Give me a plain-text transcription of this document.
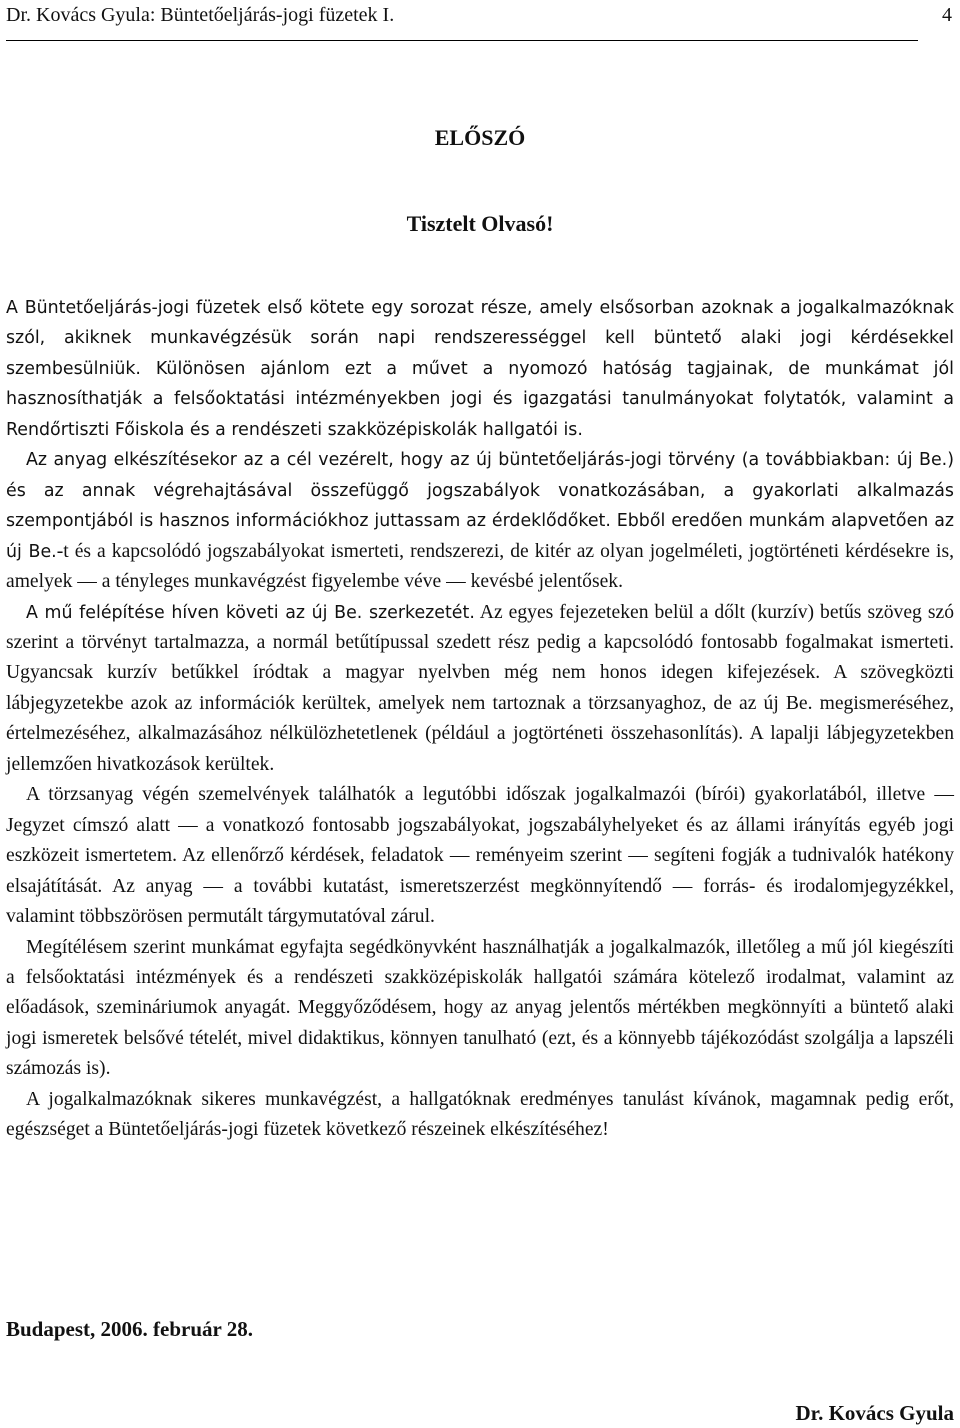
Dr. Kovács Gyula: Büntetőeljárás-jogi füzetek I.	4
ELŐSZÓ
Tisztelt Olvasó!

A Büntetőeljárás-jogi füzetek első kötete egy sorozat része, amely elsősorban azoknak a jogalkalmazóknak szól, akiknek munkavégzésük során napi rendszerességgel kell büntető alaki jogi kérdésekkel szembesülniük. Különösen ajánlom ezt a művet a nyomozó hatóság tagjainak, de munkámat jól hasznosíthatják a felsőoktatási intézményekben jogi és igazgatási tanulmányokat folytatók, valamint a Rendőrtiszti Főiskola és a rendészeti szakközépiskolák hallgatói is.

Az anyag elkészítésekor az a cél vezérelt, hogy az új büntetőeljárás-jogi törvény (a továbbiakban: új Be.) és az annak végrehajtásával összefüggő jogszabályok vonatkozásában, a gyakorlati alkalmazás szempontjából is hasznos információkhoz juttassam az érdeklődőket. Ebből eredően munkám alapvetően az új Be.-t és a kapcsolódó jogszabályokat ismerteti, rendszerezi, de kitér az olyan jogelméleti, jogtörténeti kérdésekre is, amelyek — a tényleges munkavégzést figyelembe véve — kevésbé jelentősek.

A mű felépítése híven követi az új Be. szerkezetét. Az egyes fejezeteken belül a dőlt (kurzív) betűs szöveg szó szerint a törvényt tartalmazza, a normál betűtípussal szedett rész pedig a kapcsolódó fontosabb fogalmakat ismerteti. Ugyancsak kurzív betűkkel íródtak a magyar nyelvben még nem honos idegen kifejezések. A szövegközti lábjegyzetekbe azok az információk kerültek, amelyek nem tartoznak a törzsanyaghoz, de az új Be. megismeréséhez, értelmezéséhez, alkalmazásához nélkülözhetetlenek (például a jogtörténeti összehasonlítás). A lapalji lábjegyzetekben jellemzően hivatkozások kerültek.

A törzsanyag végén szemelvények találhatók a legutóbbi időszak jogalkalmazói (bírói) gyakorlatából, illetve — Jegyzet címszó alatt — a vonatkozó fontosabb jogszabályokat, jogszabályhelyeket és az állami irányítás egyéb jogi eszközeit ismertetem. Az ellenőrző kérdések, feladatok — reményeim szerint — segíteni fogják a tudnivalók hatékony elsajátítását. Az anyag — a további kutatást, ismeretszerzést megkönnyítendő — forrás- és irodalomjegyzékkel, valamint többszörösen permutált tárgymutatóval zárul.

Megítélésem szerint munkámat egyfajta segédkönyvként használhatják a jogalkalmazók, illetőleg a mű jól kiegészíti a felsőoktatási intézmények és a rendészeti szakközépiskolák hallgatói számára kötelező irodalmat, valamint az előadások, szemináriumok anyagát. Meggyőződésem, hogy az anyag jelentős mértékben megkönnyíti a büntető alaki jogi ismeretek belsővé tételét, mivel didaktikus, könnyen tanulható (ezt, és a könnyebb tájékozódást szolgálja a lapszéli számozás is).

A jogalkalmazóknak sikeres munkavégzést, a hallgatóknak eredményes tanulást kívánok, magamnak pedig erőt, egészséget a Büntetőeljárás-jogi füzetek következő részeinek elkészítéséhez!

Budapest, 2006. február 28.
Dr. Kovács Gyula
